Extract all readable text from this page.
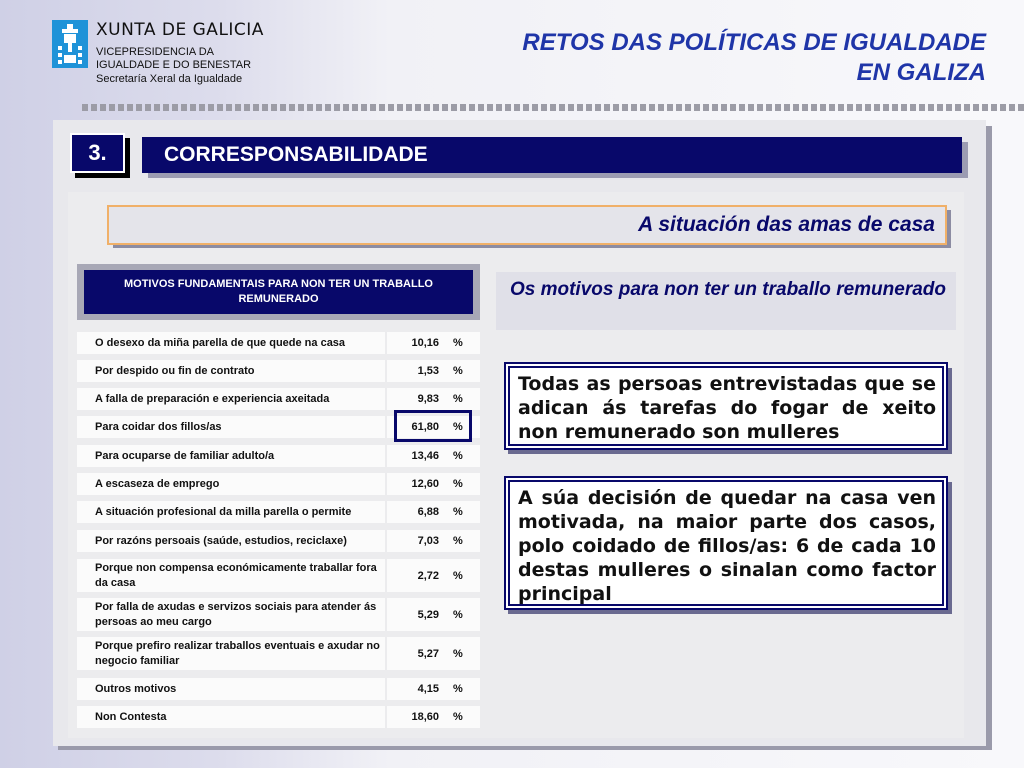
XUNTA DE GALICIA
VICEPRESIDENCIA DA
IGUALDADE E DO BENESTAR
Secretaría Xeral da Igualdade
RETOS DAS POLÍTICAS DE IGUALDADE
EN GALIZA
3.	CORRESPONSABILIDADE
A situación das amas de casa
MOTIVOS FUNDAMENTAIS PARA NON TER UN TRABALLO REMUNERADO
O desexo da miña parella de que quede na casa	10,16 %
Por despido ou fin de contrato	1,53 %
A falla de preparación e experiencia axeitada	9,83 %
Para coidar dos fillos/as	61,80 %
Para ocuparse de familiar adulto/a	13,46 %
A escaseza de emprego	12,60 %
A situación profesional da milla parella o permite	6,88 %
Por razóns persoais (saúde, estudios, reciclaxe)	7,03 %
Porque non compensa económicamente traballar fora da casa
2,72 %
Por falla de axudas e servizos sociais para atender ás persoas ao meu cargo
5,29 %
Porque prefiro realizar traballos eventuais e axudar no negocio familiar
5,27 %
Outros motivos	4,15 %
Non Contesta	18,60 %
Os motivos para non ter un traballo remunerado
Todas as persoas entrevistadas que se adican ás tarefas do fogar de xeito non remunerado son mulleres
A súa decisión de quedar na casa ven motivada, na maior parte dos casos, polo coidado de fillos/as: 6 de cada 10 destas mulleres o sinalan como factor principal
